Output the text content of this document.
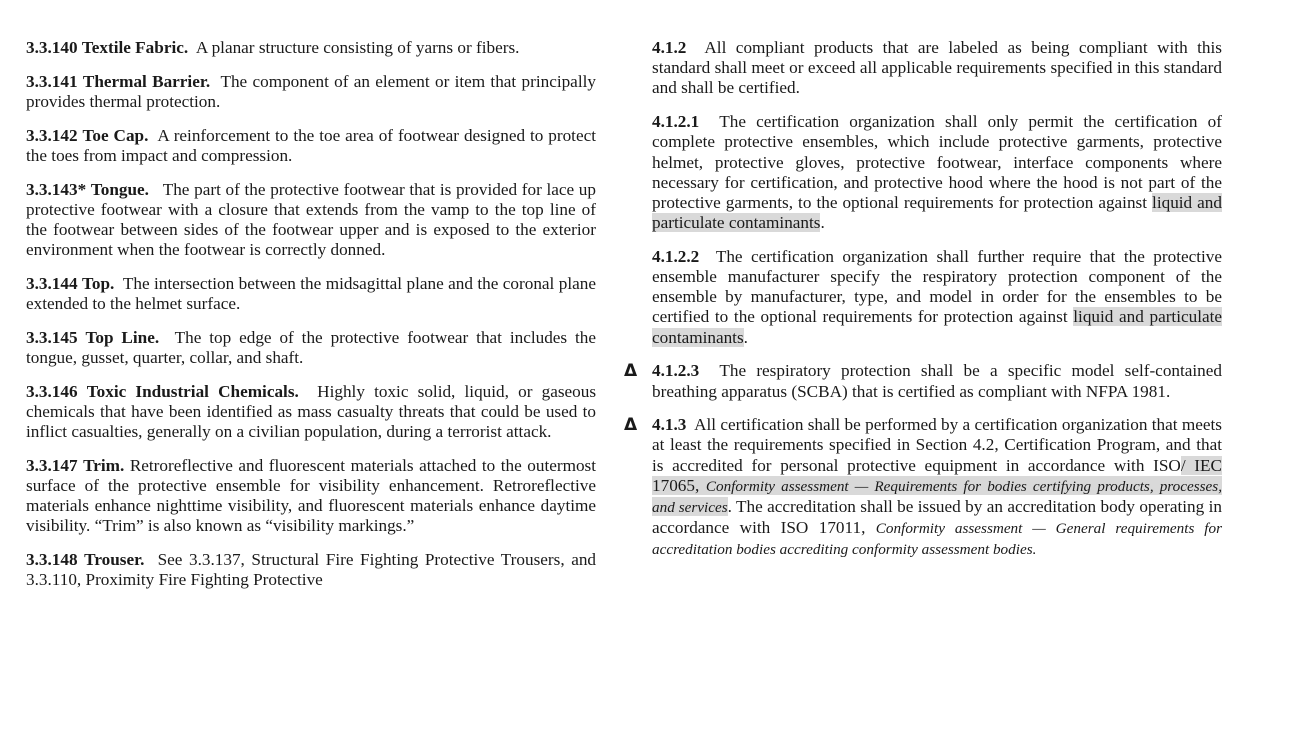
3.3.140 Textile Fabric. A planar structure consisting of yarns or fibers.

3.3.141 Thermal Barrier. The component of an element or item that principally provides thermal protection.

3.3.142 Toe Cap. A reinforcement to the toe area of footwear designed to protect the toes from impact and compression.

3.3.143* Tongue. The part of the protective footwear that is provided for lace up protective footwear with a closure that extends from the vamp to the top line of the footwear between sides of the footwear upper and is exposed to the exterior environment when the footwear is correctly donned.

3.3.144 Top. The intersection between the midsagittal plane and the coronal plane extended to the helmet surface.

3.3.145 Top Line. The top edge of the protective footwear that includes the tongue, gusset, quarter, collar, and shaft.

3.3.146 Toxic Industrial Chemicals. Highly toxic solid, liquid, or gaseous chemicals that have been identified as mass casualty threats that could be used to inflict casualties, generally on a civilian population, during a terrorist attack.

3.3.147 Trim. Retroreflective and fluorescent materials attached to the outermost surface of the protective ensemble for visibility enhancement. Retroreflective materials enhance nighttime visibility, and fluorescent materials enhance daytime visibility. “Trim” is also known as “visibility markings.”

3.3.148 Trouser. See 3.3.137, Structural Fire Fighting Protective Trousers, and 3.3.110, Proximity Fire Fighting Protective

4.1.2 All compliant products that are labeled as being compliant with this standard shall meet or exceed all applicable requirements specified in this standard and shall be certified.

4.1.2.1 The certification organization shall only permit the certification of complete protective ensembles, which include protective garments, protective helmet, protective gloves, protective footwear, interface components where necessary for certification, and protective hood where the hood is not part of the protective garments, to the optional requirements for protection against liquid and particulate contaminants.

4.1.2.2 The certification organization shall further require that the protective ensemble manufacturer specify the respiratory protection component of the ensemble by manufacturer, type, and model in order for the ensembles to be certified to the optional requirements for protection against liquid and particulate contaminants.

Δ 4.1.2.3 The respiratory protection shall be a specific model self-contained breathing apparatus (SCBA) that is certified as compliant with NFPA 1981.

Δ 4.1.3 All certification shall be performed by a certification organization that meets at least the requirements specified in Section 4.2, Certification Program, and that is accredited for personal protective equipment in accordance with ISO/ IEC 17065, Conformity assessment — Requirements for bodies certifying products, processes, and services. The accreditation shall be issued by an accreditation body operating in accordance with ISO 17011, Conformity assessment — General requirements for accreditation bodies accrediting conformity assessment bodies.
